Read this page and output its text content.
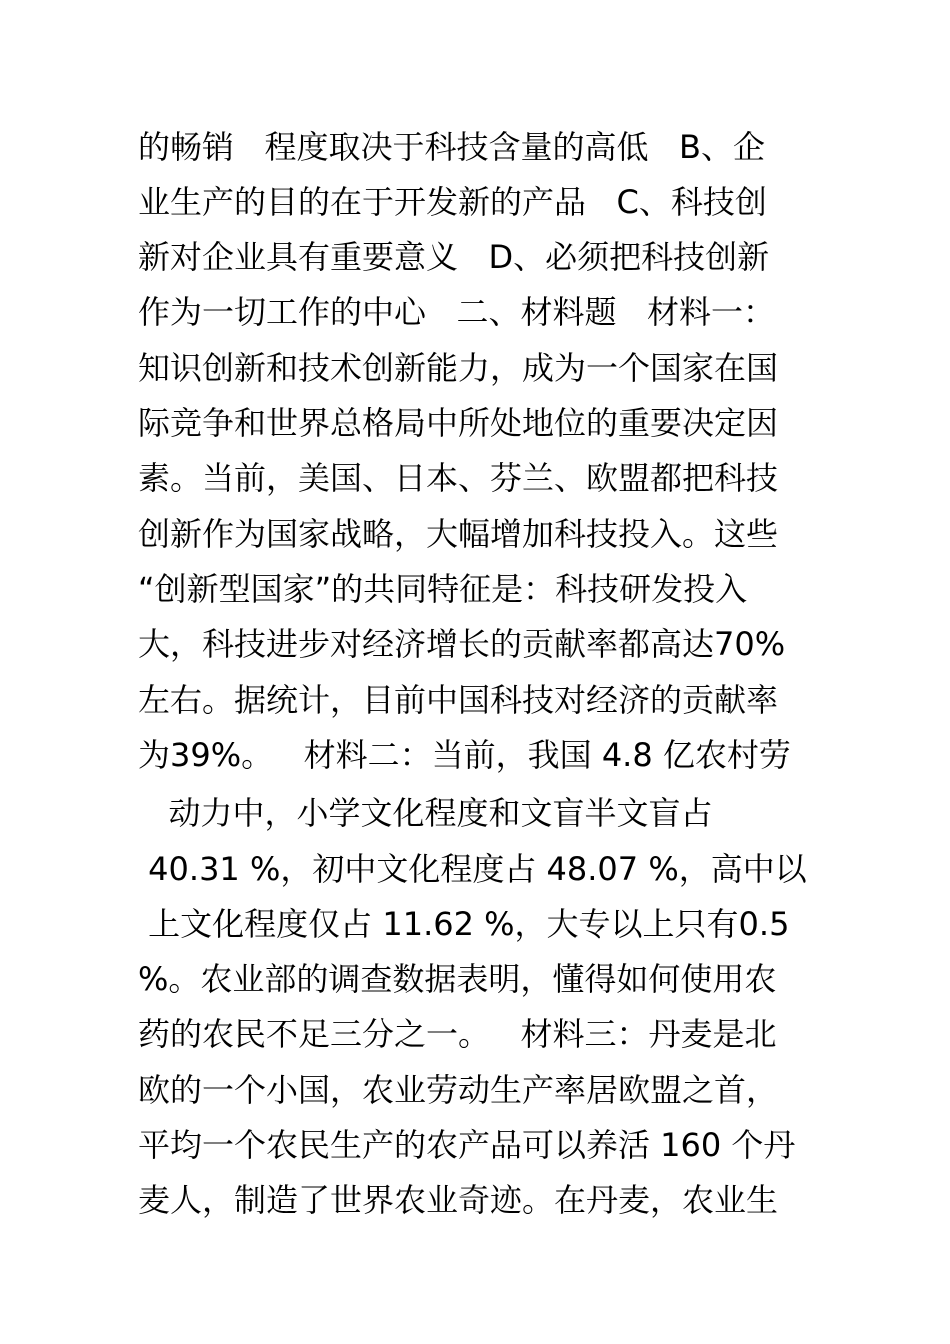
的畅销   程度取决于科技含量的高低   B、企
业生产的目的在于开发新的产品   C、科技创
新对企业具有重要意义   D、必须把科技创新
作为一切工作的中心   二、材料题   材料一：
知识创新和技术创新能力，成为一个国家在国
际竞争和世界总格局中所处地位的重要决定因
素。当前，美国、日本、芬兰、欧盟都把科技
创新作为国家战略，大幅增加科技投入。这些
“创新型国家”的共同特征是：科技研发投入
大，科技进步对经济增长的贡献率都高达70%
左右。据统计，目前中国科技对经济的贡献率
为39%。   材料二：当前，我国 4.8 亿农村劳
动力中，小学文化程度和文盲半文盲占
40.31 %，初中文化程度占 48.07 %，高中以
上文化程度仅占 11.62 %，大专以上只有0.5
%。农业部的调查数据表明，懂得如何使用农
药的农民不足三分之一。   材料三：丹麦是北
欧的一个小国，农业劳动生产率居欧盟之首，
平均一个农民生产的农产品可以养活 160 个丹
麦人，制造了世界农业奇迹。在丹麦，农业生
